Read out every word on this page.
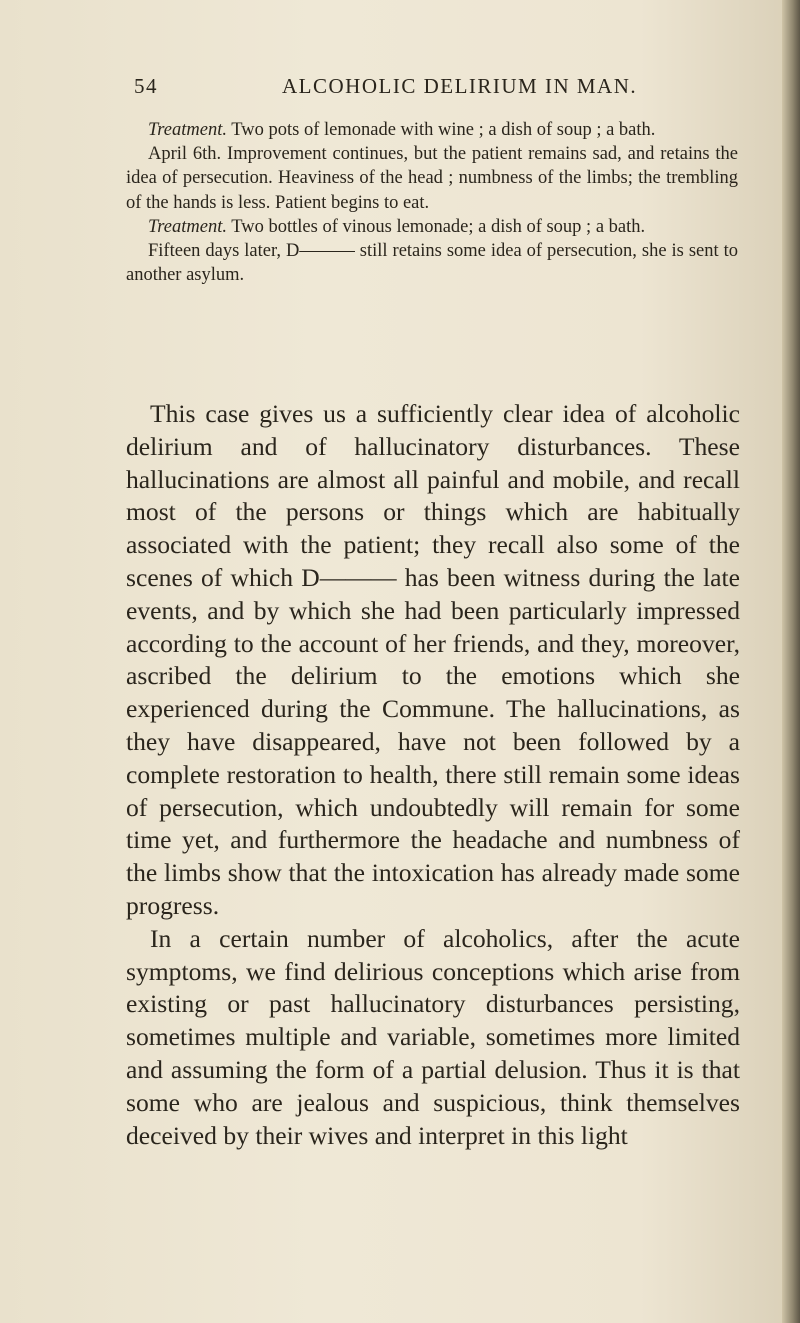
54	ALCOHOLIC DELIRIUM IN MAN.

Treatment. Two pots of lemonade with wine ; a dish of soup ; a bath.

April 6th. Improvement continues, but the patient remains sad, and retains the idea of persecution. Heaviness of the head ; numbness of the limbs; the trembling of the hands is less. Patient begins to eat.

Treatment. Two bottles of vinous lemonade; a dish of soup ; a bath.

Fifteen days later, D——— still retains some idea of persecution, she is sent to another asylum.

This case gives us a sufficiently clear idea of alcoholic delirium and of hallucinatory disturbances. These hallucinations are almost all painful and mobile, and recall most of the persons or things which are habitually associated with the patient; they recall also some of the scenes of which D——— has been witness during the late events, and by which she had been particularly impressed according to the account of her friends, and they, moreover, ascribed the delirium to the emotions which she experienced during the Commune. The hallucinations, as they have disappeared, have not been followed by a complete restoration to health, there still remain some ideas of persecution, which undoubtedly will remain for some time yet, and furthermore the headache and numbness of the limbs show that the intoxication has already made some progress.

In a certain number of alcoholics, after the acute symptoms, we find delirious conceptions which arise from existing or past hallucinatory disturbances persisting, sometimes multiple and variable, sometimes more limited and assuming the form of a partial delusion. Thus it is that some who are jealous and suspicious, think themselves deceived by their wives and interpret in this light
